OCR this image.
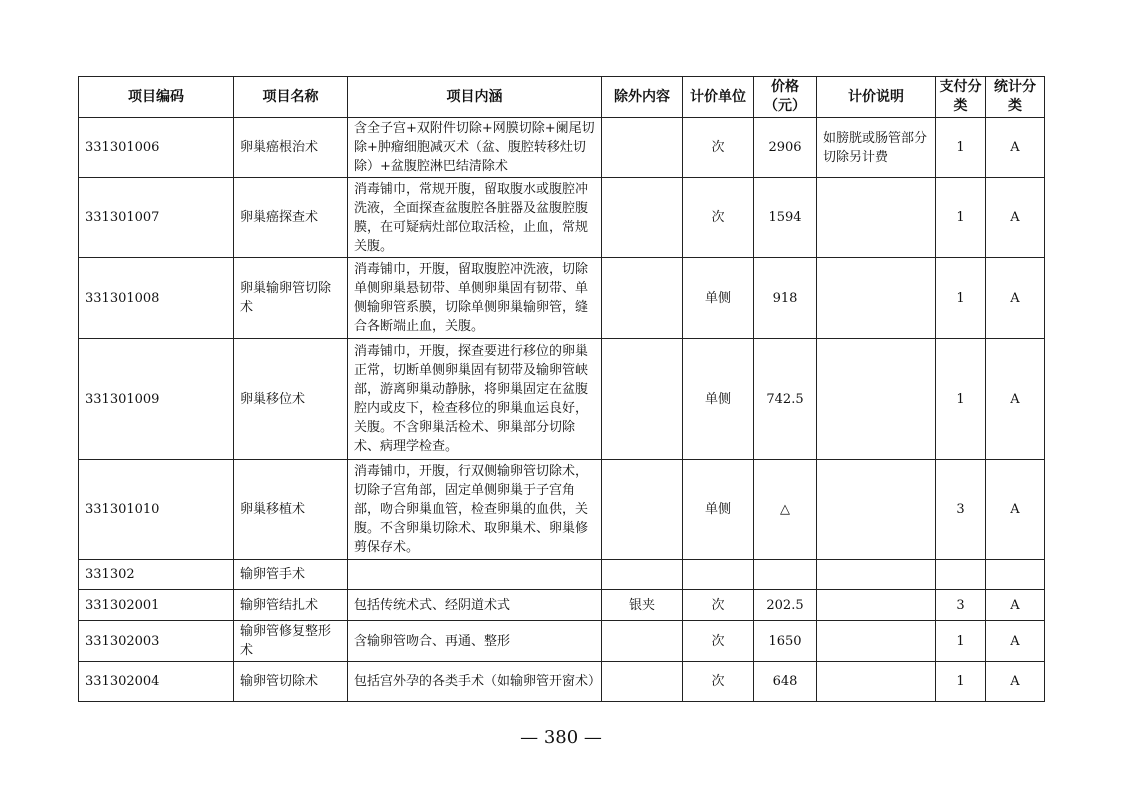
项目编码	项目名称	项目内涵	除外内容	计价单位	价格（元）	计价说明	支付分类	统计分类
331301006	卵巢癌根治术	含全子宫+双附件切除+网膜切除+阑尾切除+肿瘤细胞减灭术（盆、腹腔转移灶切除）+盆腹腔淋巴结清除术		次	2906	如膀胱或肠管部分切除另计费	1	A
331301007	卵巢癌探查术	消毒铺巾，常规开腹，留取腹水或腹腔冲洗液，全面探查盆腹腔各脏器及盆腹腔腹膜，在可疑病灶部位取活检，止血，常规关腹。		次	1594		1	A
331301008	卵巢输卵管切除术	消毒铺巾，开腹，留取腹腔冲洗液，切除单侧卵巢悬韧带、单侧卵巢固有韧带、单侧输卵管系膜，切除单侧卵巢输卵管，缝合各断端止血，关腹。		单侧	918		1	A
331301009	卵巢移位术	消毒铺巾，开腹，探查要进行移位的卵巢正常，切断单侧卵巢固有韧带及输卵管峡部，游离卵巢动静脉，将卵巢固定在盆腹腔内或皮下，检查移位的卵巢血运良好，关腹。不含卵巢活检术、卵巢部分切除术、病理学检查。		单侧	742.5		1	A
331301010	卵巢移植术	消毒铺巾，开腹，行双侧输卵管切除术，切除子宫角部，固定单侧卵巢于子宫角部，吻合卵巢血管，检查卵巢的血供，关腹。不含卵巢切除术、取卵巢术、卵巢修剪保存术。		单侧	△		3	A
331302	输卵管手术							
331302001	输卵管结扎术	包括传统术式、经阴道术式	银夹	次	202.5		3	A
331302003	输卵管修复整形术	含输卵管吻合、再通、整形		次	1650		1	A
331302004	输卵管切除术	包括宫外孕的各类手术（如输卵管开窗术）		次	648		1	A
— 380 —
